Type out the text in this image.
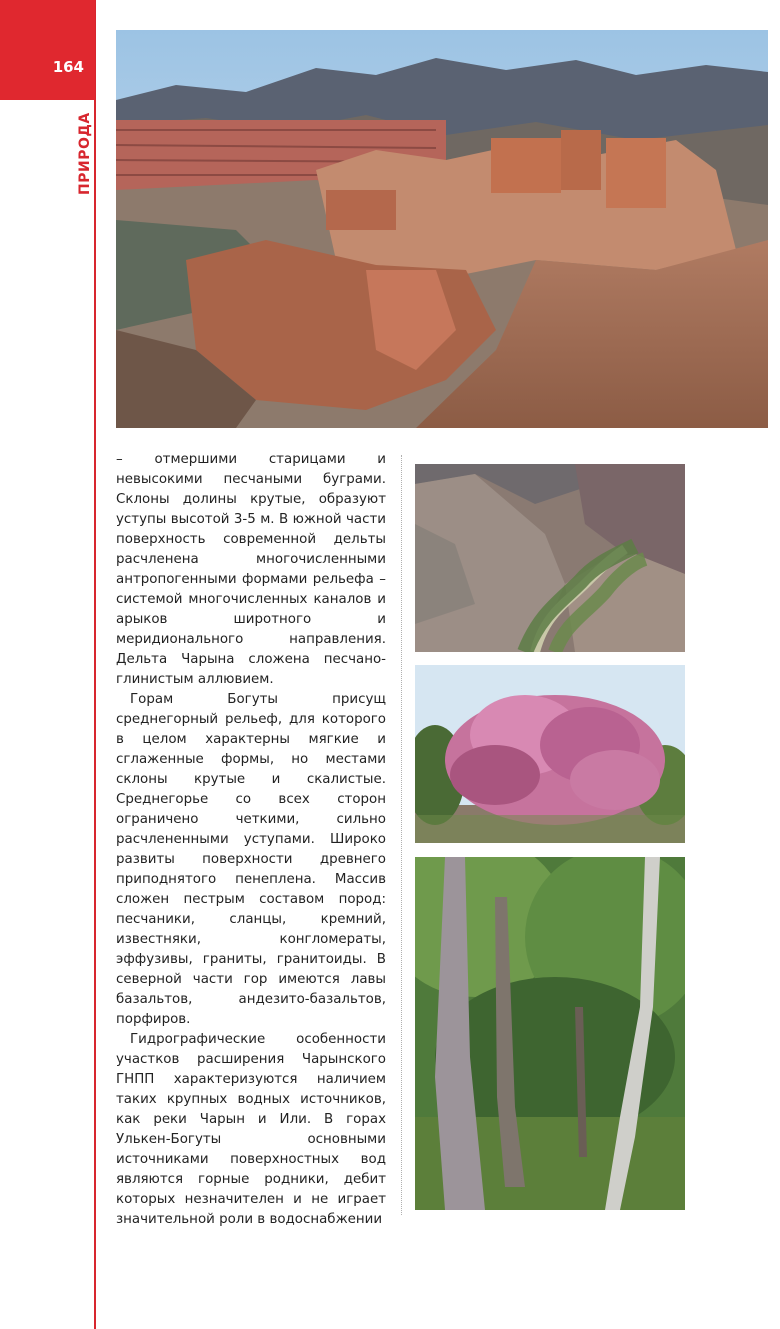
164
ПРИРОДА

– отмершими старицами и невысокими песчаными буграми. Склоны долины крутые, образуют уступы высотой 3-5 м. В южной части поверхность современной дельты расчленена многочисленными антропогенными формами рельефа – системой многочисленных каналов и арыков широтного и меридионального направления. Дельта Чарына сложена песчано-глинистым аллювием.

Горам Богуты присущ среднегорный рельеф, для которого в целом характерны мягкие и сглаженные формы, но местами склоны крутые и скалистые. Среднегорье со всех сторон ограничено четкими, сильно расчлененными уступами. Широко развиты поверхности древнего приподнятого пенеплена. Массив сложен пестрым составом пород: песчаники, сланцы, кремний, известняки, конгломераты, эффузивы, граниты, гранитоиды. В северной части гор имеются лавы базальтов, андезито-базальтов, порфиров.

Гидрографические особенности участков расширения Чарынского ГНПП характеризуются наличием таких крупных водных источников, как реки Чарын и Или. В горах Улькен-Богуты основными источниками поверхностных вод являются горные родники, дебит которых незначителен и не играет значительной роли в водоснабжении
